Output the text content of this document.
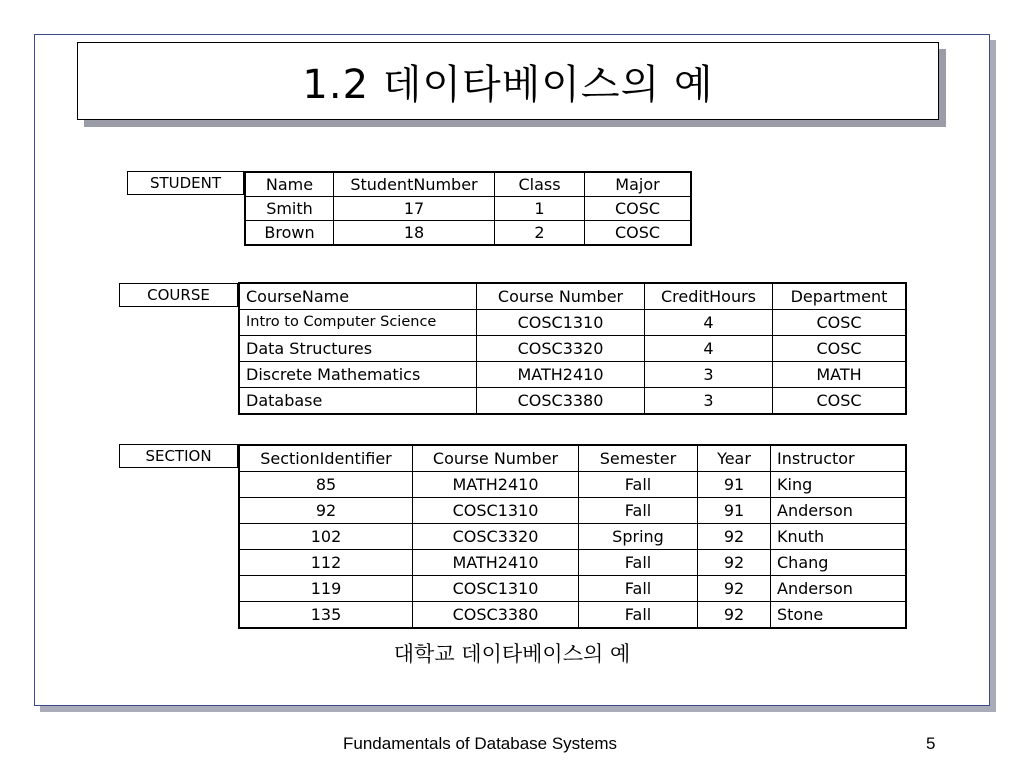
1.2 데이타베이스의 예
STUDENT	Name	StudentNumber	Class	Major
Smith	17	1	COSC
Brown	18	2	COSC
COURSE	CourseName	Course Number	CreditHours	Department
Intro to Computer Science	COSC1310	4	COSC
Data Structures	COSC3320	4	COSC
Discrete Mathematics	MATH2410	3	MATH
Database	COSC3380	3	COSC
SECTION	SectionIdentifier	Course Number	Semester	Year	Instructor
85	MATH2410	Fall	91	King
92	COSC1310	Fall	91	Anderson
102	COSC3320	Spring	92	Knuth
112	MATH2410	Fall	92	Chang
119	COSC1310	Fall	92	Anderson
135	COSC3380	Fall	92	Stone
대학교 데이타베이스의 예
Fundamentals of Database Systems	5
